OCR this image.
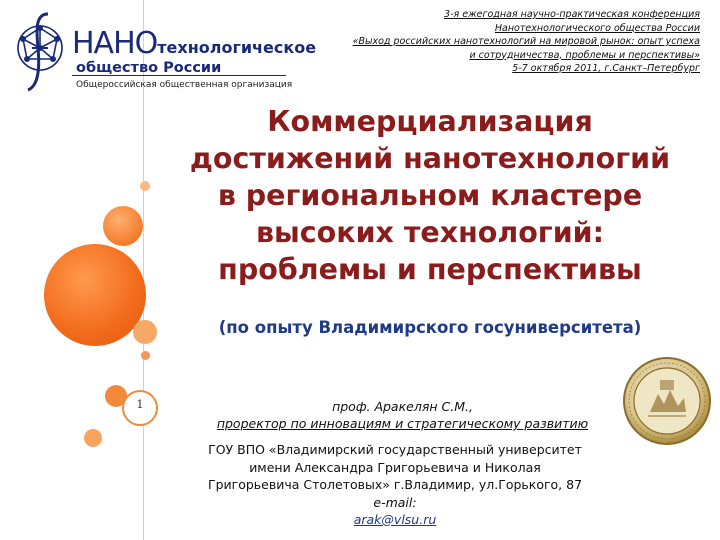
1
НАНОтехнологическое
общество России
Общероссийская общественная организация
3-я ежегодная научно-практическая конференция
Нанотехнологического общества России
«Выход российских нанотехнологий на мировой рынок: опыт успеха
и сотрудничества, проблемы и перспективы»
5-7 октября 2011, г.Санкт–Петербург
Коммерциализация
достижений нанотехнологий
в региональном кластере
высоких технологий:
проблемы и перспективы
(по опыту Владимирского госуниверситета)
проф. Аракелян С.М.,
проректор по инновациям и стратегическому развитию
ГОУ ВПО «Владимирский государственный университет
имени Александра Григорьевича и Николая
Григорьевича Столетовых» г.Владимир, ул.Горького, 87
e-mail:
arak@vlsu.ru
